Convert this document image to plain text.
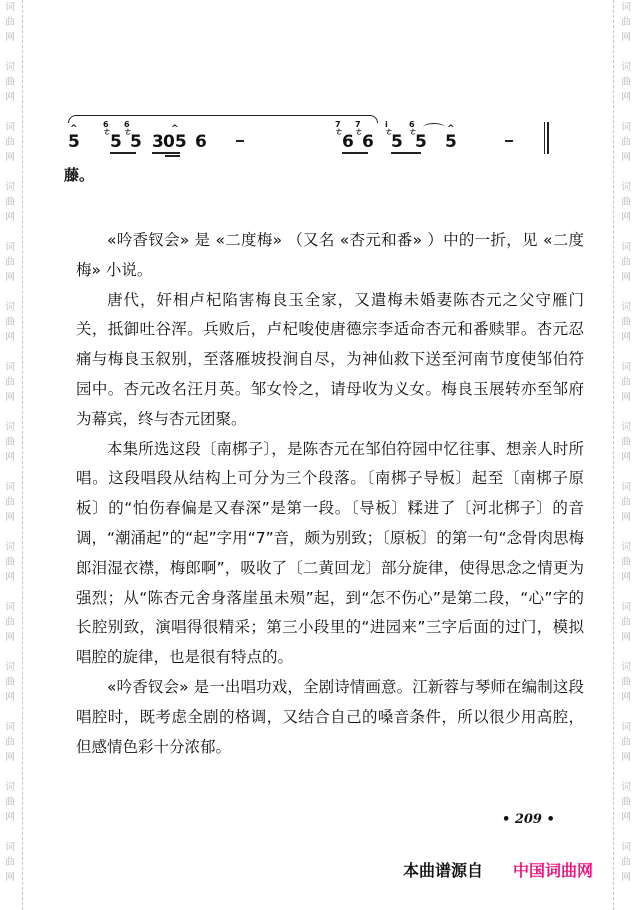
词
曲
网
词
曲
网
词
曲
网
词
曲
网
词
曲
网
词
曲
网
词
曲
网
词
曲
网
词
曲
网
词
曲
网
词
曲
网
词
曲
网
词
曲
网
词
曲
网
词
曲
网
词
曲
网
词
曲
网
词
曲
网
词
曲
网
词
曲
网
词
曲
网
词
曲
网
词
曲
网
词
曲
网
词
曲
网
词
曲
网
词
曲
网
词
曲
网
词
曲
网
词
曲
网
^
5
6
ㄜ
5
6
ㄜ
5 3
^
05 6
7
ㄜ
6
7
ㄜ
6
i
ㄜ
5
6
ㄜ
5
^
5
藤。

«吟香钗会» 是 «二度梅» （又名 «杏元和番» ）中的一折，见 «二度梅» 小说。

唐代，奸相卢杞陷害梅良玉全家，又遣梅未婚妻陈杏元之父守雁门关，抵御吐谷浑。兵败后，卢杞唆使唐德宗李适命杏元和番赎罪。杏元忍痛与梅良玉叙别，至落雁坡投涧自尽，为神仙救下送至河南节度使邹伯符园中。杏元改名汪月英。邹女怜之，请母收为义女。梅良玉展转亦至邹府为幕宾，终与杏元团聚。

本集所选这段〔南梆子〕，是陈杏元在邹伯符园中忆往事、想亲人时所唱。这段唱段从结构上可分为三个段落。〔南梆子导板〕起至〔南梆子原板〕的“怕伤春偏是又春深”是第一段。〔导板〕糅进了〔河北梆子〕的音调，“潮涌起”的“起”字用“7”音，颇为别致；〔原板〕的第一句“念骨肉思梅郎泪湿衣襟，梅郎啊”，吸收了〔二黄回龙〕部分旋律，使得思念之情更为强烈；从“陈杏元舍身落崖虽未殒”起，到“怎不伤心”是第二段，“心”字的长腔别致，演唱得很精采；第三小段里的“进园来”三字后面的过门，模拟唱腔的旋律，也是很有特点的。

«吟香钗会» 是一出唱功戏，全剧诗情画意。江新蓉与琴师在编制这段唱腔时，既考虑全剧的格调，又结合自己的嗓音条件，所以很少用高腔，但感情色彩十分浓郁。

• 209 •
本曲谱源自 中国词曲网
